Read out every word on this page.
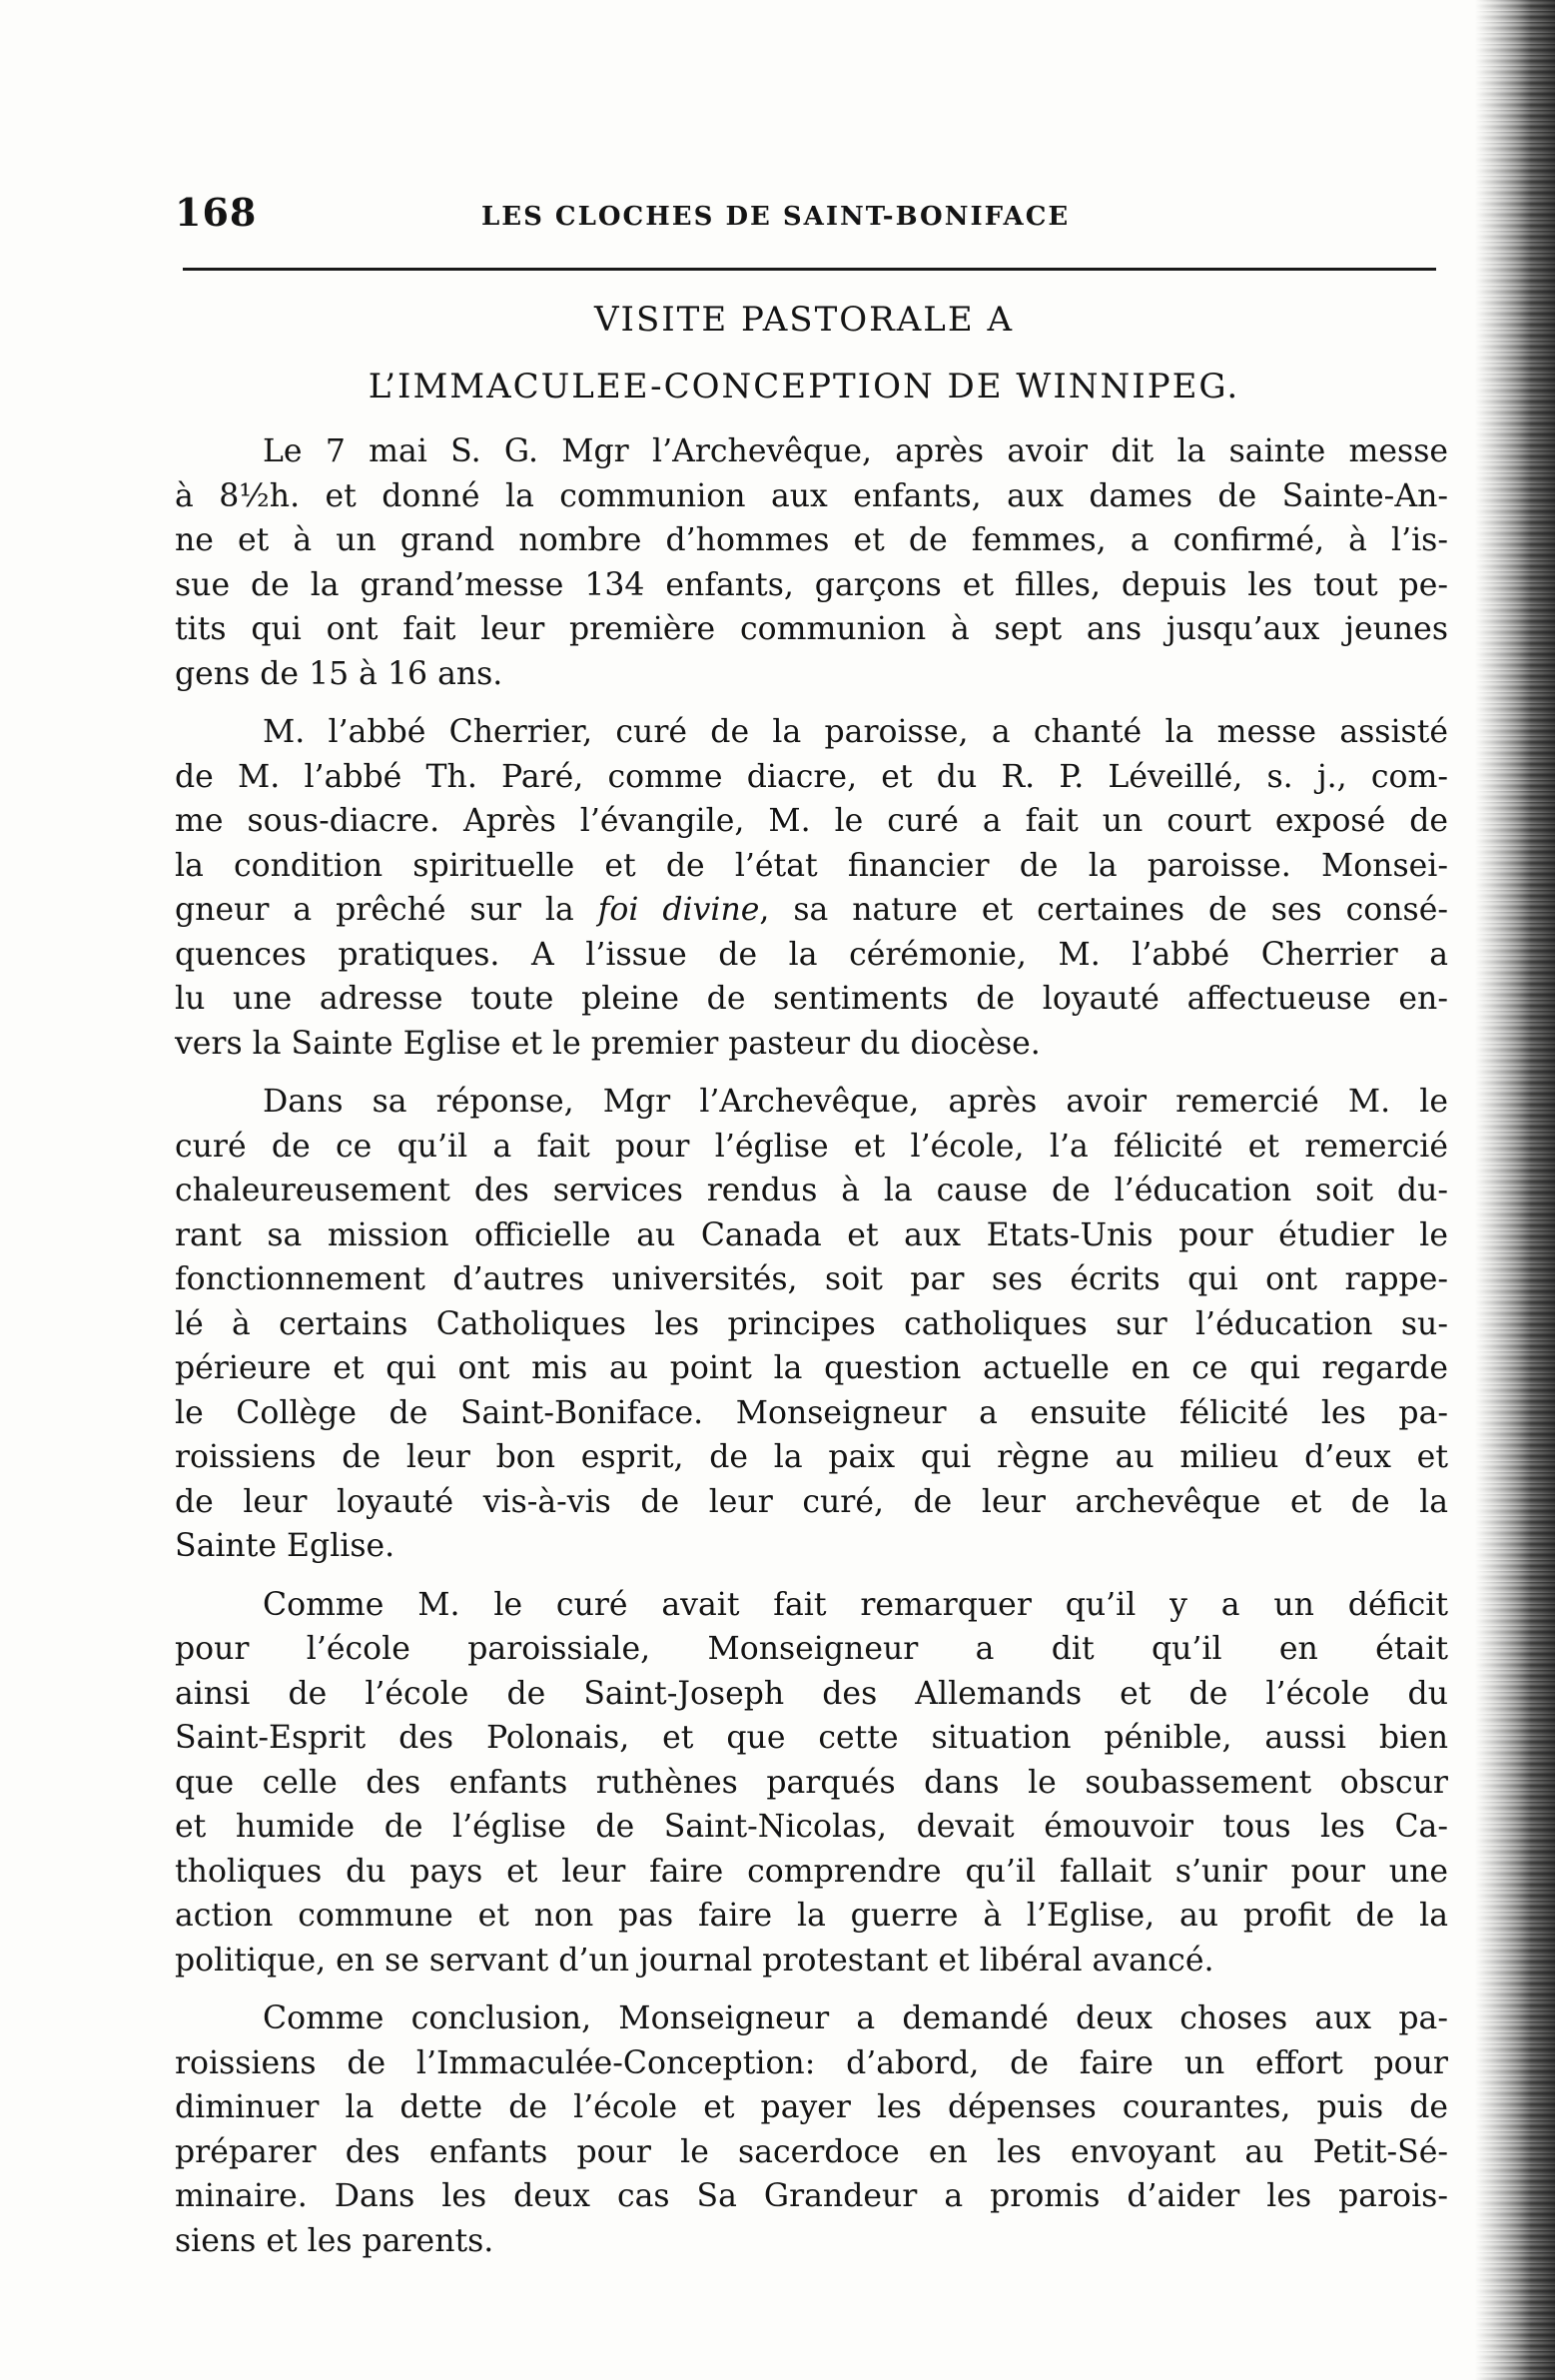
168	LES CLOCHES DE SAINT-BONIFACE
VISITE PASTORALE A
L’IMMACULEE-CONCEPTION DE WINNIPEG.

Le 7 mai S. G. Mgr l’Archevêque, après avoir dit la sainte messe
à 8½h. et donné la communion aux enfants, aux dames de Sainte-An-
ne et à un grand nombre d’hommes et de femmes, a confirmé, à l’is-
sue de la grand’messe 134 enfants, garçons et filles, depuis les tout pe-
tits qui ont fait leur première communion à sept ans jusqu’aux jeunes
gens de 15 à 16 ans.

M. l’abbé Cherrier, curé de la paroisse, a chanté la messe assisté
de M. l’abbé Th. Paré, comme diacre, et du R. P. Léveillé, s. j., com-
me sous-diacre. Après l’évangile, M. le curé a fait un court exposé de
la condition spirituelle et de l’état financier de la paroisse. Monsei-
gneur a prêché sur la foi divine, sa nature et certaines de ses consé-
quences pratiques. A l’issue de la cérémonie, M. l’abbé Cherrier a
lu une adresse toute pleine de sentiments de loyauté affectueuse en-
vers la Sainte Eglise et le premier pasteur du diocèse.

Dans sa réponse, Mgr l’Archevêque, après avoir remercié M. le
curé de ce qu’il a fait pour l’église et l’école, l’a félicité et remercié
chaleureusement des services rendus à la cause de l’éducation soit du-
rant sa mission officielle au Canada et aux Etats-Unis pour étudier le
fonctionnement d’autres universités, soit par ses écrits qui ont rappe-
lé à certains Catholiques les principes catholiques sur l’éducation su-
périeure et qui ont mis au point la question actuelle en ce qui regarde
le Collège de Saint-Boniface. Monseigneur a ensuite félicité les pa-
roissiens de leur bon esprit, de la paix qui règne au milieu d’eux et
de leur loyauté vis-à-vis de leur curé, de leur archevêque et de la
Sainte Eglise.

Comme M. le curé avait fait remarquer qu’il y a un déficit
pour l’école paroissiale, Monseigneur a dit qu’il en était
ainsi de l’école de Saint-Joseph des Allemands et de l’école du
Saint-Esprit des Polonais, et que cette situation pénible, aussi bien
que celle des enfants ruthènes parqués dans le soubassement obscur
et humide de l’église de Saint-Nicolas, devait émouvoir tous les Ca-
tholiques du pays et leur faire comprendre qu’il fallait s’unir pour une
action commune et non pas faire la guerre à l’Eglise, au profit de la
politique, en se servant d’un journal protestant et libéral avancé.

Comme conclusion, Monseigneur a demandé deux choses aux pa-
roissiens de l’Immaculée-Conception: d’abord, de faire un effort pour
diminuer la dette de l’école et payer les dépenses courantes, puis de
préparer des enfants pour le sacerdoce en les envoyant au Petit-Sé-
minaire. Dans les deux cas Sa Grandeur a promis d’aider les parois-
siens et les parents.
